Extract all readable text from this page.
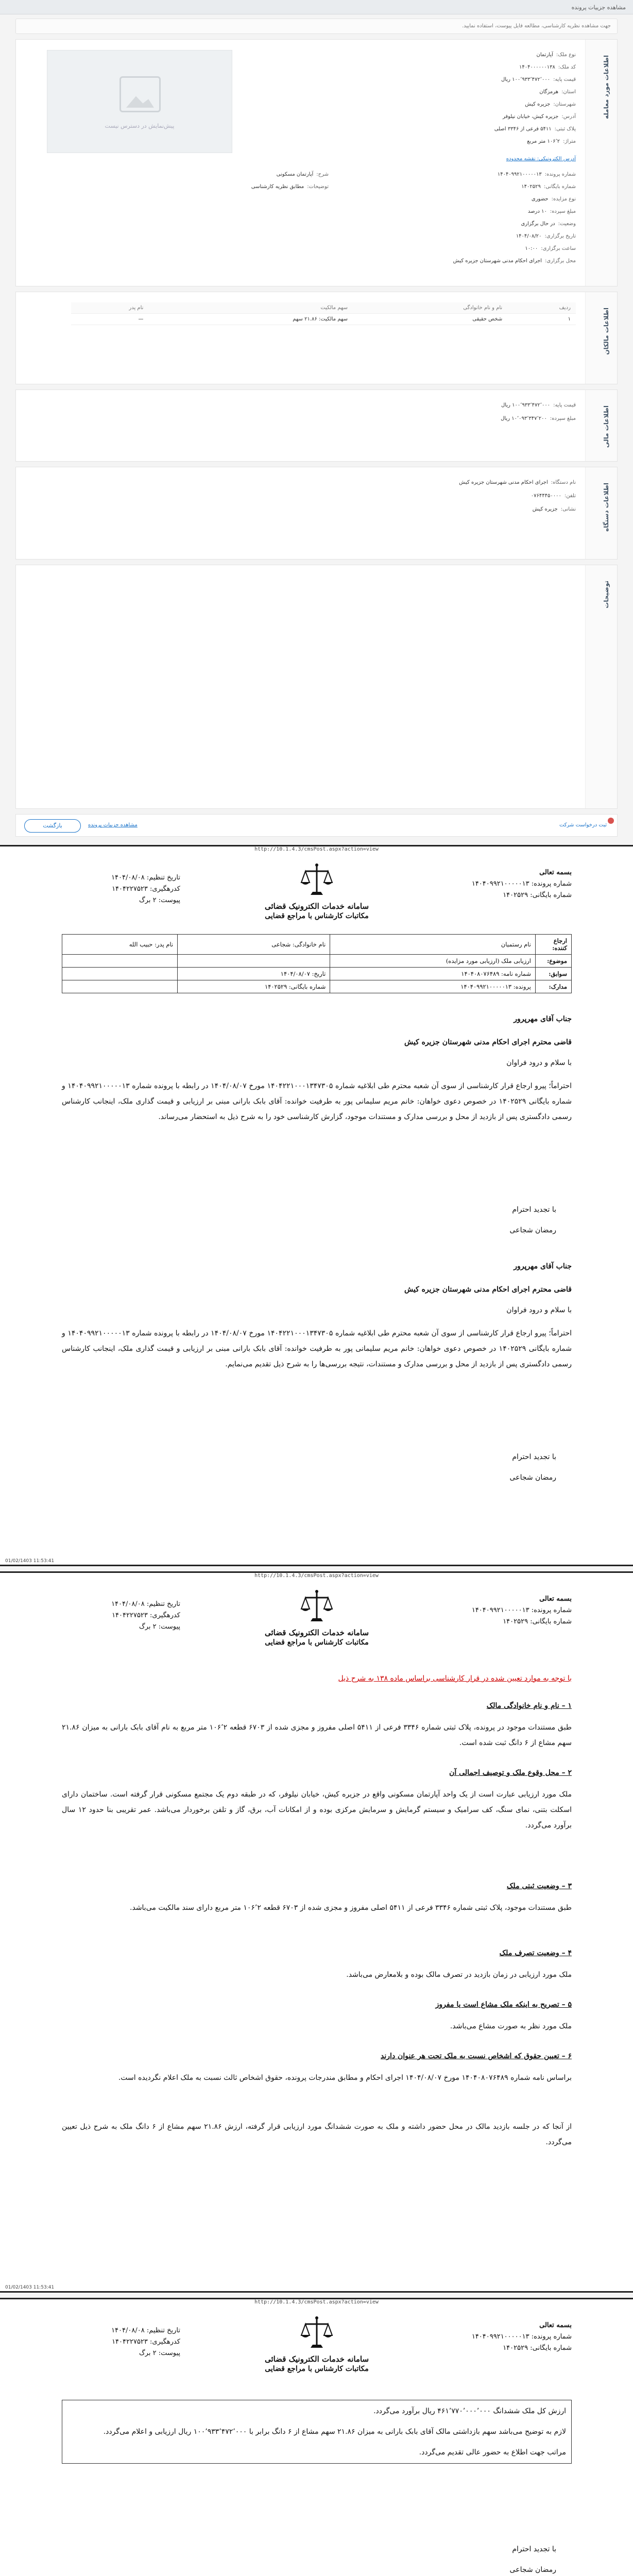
مشاهده جزییات پرونده
جهت مشاهده نظریه کارشناسی، مطالعه فایل پیوست، استفاده نمایید.
اطلاعات مورد معامله
پیش‌نمایش در دسترس نیست
نوع ملک:آپارتمان
کد ملک:۱۴۰۴۰۰۰۰۰۰۱۳۸
قیمت پایه:۱۰۰٬۹۳۳٬۴۷۲٬۰۰۰ ریال
استان:هرمزگان
شهرستان:جزیره کیش
آدرس:جزیره کیش، خیابان نیلوفر
پلاک ثبتی:۵۴۱۱ فرعی از ۳۳۴۶ اصلی
متراژ:۱۰۶٬۲ متر مربع
آدرس الکترونیکی: نقشه محدوده
شماره پرونده:۱۴۰۴۰۹۹۲۱۰۰۰۰۰۱۳
شماره بایگانی:۱۴۰۲۵۲۹
نوع مزایده:حضوری
مبلغ سپرده:۱۰ درصد
وضعیت:در حال برگزاری
تاریخ برگزاری:۱۴۰۴/۰۸/۲۰
ساعت برگزاری:۱۰:۰۰
محل برگزاری:اجرای احکام مدنی شهرستان جزیره کیش
شرح:آپارتمان مسکونی
توضیحات:مطابق نظریه کارشناسی
اطلاعات مالکان
ردیف	نام و نام خانوادگی	سهم مالکیت	نام پدر
۱	شخص حقیقی	سهم مالکیت: ۲۱.۸۶ سهم	—
اطلاعات مالی
قیمت پایه:۱۰۰٬۹۳۳٬۴۷۲٬۰۰۰ ریال
مبلغ سپرده:۱۰٬۰۹۳٬۳۴۷٬۲۰۰ ریال
اطلاعات دستگاه
نام دستگاه:اجرای احکام مدنی شهرستان جزیره کیش
تلفن:۰۷۶۴۴۴۵۰۰۰۰
نشانی:جزیره کیش
توضیحات
بازگشت	مشاهده جزییات پرونده	ثبت درخواست شرکت
http://10.1.4.3/cmsPost.aspx?action=view
بسمه تعالی
شماره پرونده: ۱۴۰۴۰۹۹۲۱۰۰۰۰۰۱۳
شماره بایگانی: ۱۴۰۲۵۲۹
سامانه خدمات الکترونیک قضائی
مکاتبات کارشناس با مراجع قضایی
تاریخ تنظیم: ۱۴۰۴/۰۸/۰۸
کدرهگیری: ۱۴۰۴۲۲۷۵۲۳
پیوست: ۲ برگ
ارجاع کننده:	نام رستمیان	نام خانوادگی: شجاعی	نام پدر: حبیب الله
موضوع:	ارزیابی ملک (ارزیابی مورد مزایده)		
سوابق:	شماره نامه: ۱۴۰۴۰۸۰۷۶۴۸۹	تاریخ: ۱۴۰۴/۰۸/۰۷	
مدارک:	پرونده: ۱۴۰۴۰۹۹۲۱۰۰۰۰۰۱۳	شماره بایگانی: ۱۴۰۲۵۲۹	
جناب آقای مهرپرور
قاضی محترم اجرای احکام مدنی شهرستان جزیره کیش
با سلام و درود فراوان
احتراماً؛ پیرو ارجاع قرار کارشناسی از سوی آن شعبه محترم طی ابلاغیه شماره ۱۴۰۴۲۲۱۰۰۰۱۳۴۷۳۰۵ مورخ ۱۴۰۴/۰۸/۰۷ در رابطه با پرونده شماره ۱۴۰۴۰۹۹۲۱۰۰۰۰۰۱۳ و شماره بایگانی ۱۴۰۲۵۲۹ در خصوص دعوی خواهان: خانم مریم سلیمانی پور به طرفیت خوانده: آقای بابک بارانی مبنی بر ارزیابی و قیمت گذاری ملک، اینجانب کارشناس رسمی دادگستری پس از بازدید از محل و بررسی مدارک و مستندات موجود، گزارش کارشناسی خود را به شرح ذیل به استحضار می‌رساند.
با تجدید احترام
رمضان شجاعی
جناب آقای مهرپرور
قاضی محترم اجرای احکام مدنی شهرستان جزیره کیش
با سلام و درود فراوان
احتراماً؛ پیرو ارجاع قرار کارشناسی از سوی آن شعبه محترم طی ابلاغیه شماره ۱۴۰۴۲۲۱۰۰۰۱۳۴۷۳۰۵ مورخ ۱۴۰۴/۰۸/۰۷ در رابطه با پرونده شماره ۱۴۰۴۰۹۹۲۱۰۰۰۰۰۱۳ و شماره بایگانی ۱۴۰۲۵۲۹ در خصوص دعوی خواهان: خانم مریم سلیمانی پور به طرفیت خوانده: آقای بابک بارانی مبنی بر ارزیابی و قیمت گذاری ملک، اینجانب کارشناس رسمی دادگستری پس از بازدید از محل و بررسی مدارک و مستندات، نتیجه بررسی‌ها را به شرح ذیل تقدیم می‌نمایم.
با تجدید احترام
رمضان شجاعی
01/02/1403 11:53:41
http://10.1.4.3/cmsPost.aspx?action=view
بسمه تعالی
شماره پرونده: ۱۴۰۴۰۹۹۲۱۰۰۰۰۰۱۳
شماره بایگانی: ۱۴۰۲۵۲۹
سامانه خدمات الکترونیک قضائی
مکاتبات کارشناس با مراجع قضایی
تاریخ تنظیم: ۱۴۰۴/۰۸/۰۸
کدرهگیری: ۱۴۰۴۲۲۷۵۲۳
پیوست: ۲ برگ
با توجه به موارد تعیین شده در قرار کارشناسی براساس ماده ۱۳۸ به شرح ذیل
۱ – نام و نام خانوادگی مالک
طبق مستندات موجود در پرونده، پلاک ثبتی شماره ۳۳۴۶ فرعی از ۵۴۱۱ اصلی مفروز و مجزی شده از ۶۷۰۳ قطعه ۱۰۶٬۲ متر مربع به نام آقای بابک بارانی به میزان ۲۱.۸۶ سهم مشاع از ۶ دانگ ثبت شده است.
۲ – محل وقوع ملک و توصیف اجمالی آن
ملک مورد ارزیابی عبارت است از یک واحد آپارتمان مسکونی واقع در جزیره کیش، خیابان نیلوفر، که در طبقه دوم یک مجتمع مسکونی قرار گرفته است. ساختمان دارای اسکلت بتنی، نمای سنگ، کف سرامیک و سیستم گرمایش و سرمایش مرکزی بوده و از امکانات آب، برق، گاز و تلفن برخوردار می‌باشد. عمر تقریبی بنا حدود ۱۲ سال برآورد می‌گردد.
۳ – وضعیت ثبتی ملک
طبق مستندات موجود، پلاک ثبتی شماره ۳۳۴۶ فرعی از ۵۴۱۱ اصلی مفروز و مجزی شده از ۶۷۰۳ قطعه ۱۰۶٬۲ متر مربع دارای سند مالکیت می‌باشد.
۴ – وضعیت تصرف ملک
ملک مورد ارزیابی در زمان بازدید در تصرف مالک بوده و بلامعارض می‌باشد.
۵ – تصریح به اینکه ملک مشاع است یا مفروز
ملک مورد نظر به صورت مشاع می‌باشد.
۶ – تعیین حقوق که اشخاص نسبت به ملک تحت هر عنوان دارند
براساس نامه شماره ۱۴۰۴۰۸۰۷۶۴۸۹ مورخ ۱۴۰۴/۰۸/۰۷ اجرای احکام و مطابق مندرجات پرونده، حقوق اشخاص ثالث نسبت به ملک اعلام نگردیده است.
از آنجا که در جلسه بازدید مالک در محل حضور داشته و ملک به صورت ششدانگ مورد ارزیابی قرار گرفته، ارزش ۲۱.۸۶ سهم مشاع از ۶ دانگ ملک به شرح ذیل تعیین می‌گردد.
01/02/1403 11:53:41
http://10.1.4.3/cmsPost.aspx?action=view
بسمه تعالی
شماره پرونده: ۱۴۰۴۰۹۹۲۱۰۰۰۰۰۱۳
شماره بایگانی: ۱۴۰۲۵۲۹
سامانه خدمات الکترونیک قضائی
مکاتبات کارشناس با مراجع قضایی
تاریخ تنظیم: ۱۴۰۴/۰۸/۰۸
کدرهگیری: ۱۴۰۴۲۲۷۵۲۳
پیوست: ۲ برگ
ارزش کل ملک ششدانگ ۴۶۱٬۷۷۰٬۰۰۰٬۰۰۰ ریال برآورد می‌گردد.
لازم به توضیح می‌باشد سهم بازداشتی مالک آقای بابک بارانی به میزان ۲۱.۸۶ سهم مشاع از ۶ دانگ برابر با ۱۰۰٬۹۳۳٬۴۷۲٬۰۰۰ ریال ارزیابی و اعلام می‌گردد.
مراتب جهت اطلاع به حضور عالی تقدیم می‌گردد.
با تجدید احترام
رمضان شجاعی
